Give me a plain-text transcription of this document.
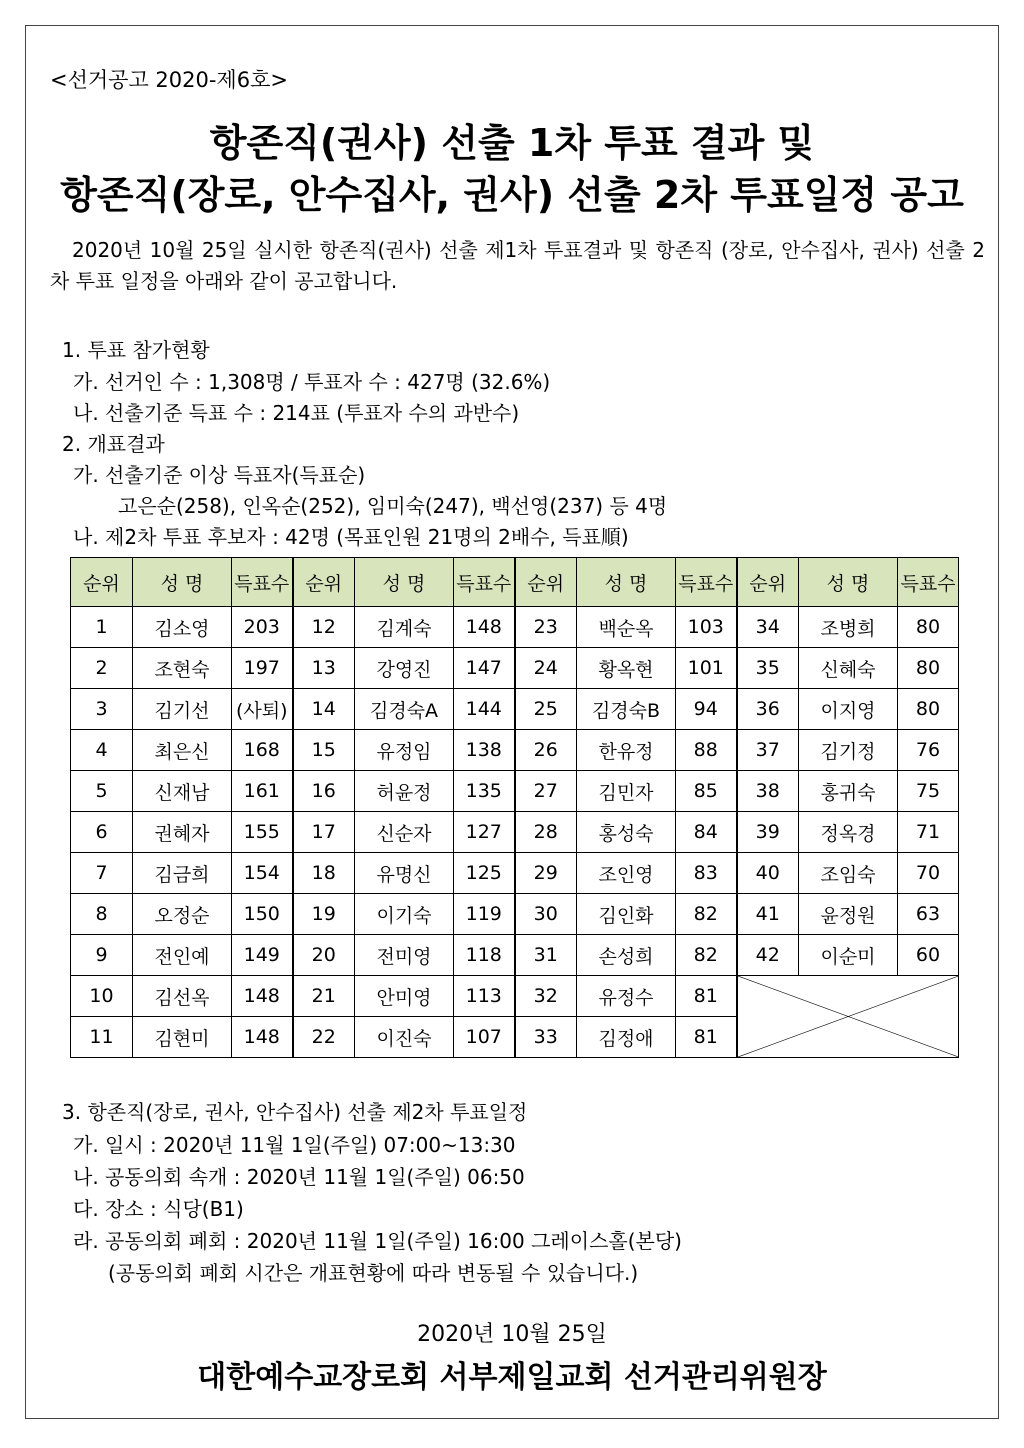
<선거공고 2020-제6호>
항존직(권사) 선출 1차 투표 결과 및
항존직(장로, 안수집사, 권사) 선출 2차 투표일정 공고
2020년 10월 25일 실시한 항존직(권사) 선출 제1차 투표결과 및 항존직 (장로, 안수집사, 권사) 선출 2차 투표 일정을 아래와 같이 공고합니다.
1. 투표 참가현황
가. 선거인 수 : 1,308명 / 투표자 수 : 427명 (32.6%)
나. 선출기준 득표 수 : 214표 (투표자 수의 과반수)
2. 개표결과
가. 선출기준 이상 득표자(득표순)
고은순(258), 인옥순(252), 임미숙(247), 백선영(237) 등 4명
나. 제2차 투표 후보자 : 42명 (목표인원 21명의 2배수, 득표順)
순위	성 명	득표수	순위	성 명	득표수	순위	성 명	득표수	순위	성 명	득표수
1	김소영	203	12	김계숙	148	23	백순옥	103	34	조병희	80
2	조현숙	197	13	강영진	147	24	황옥현	101	35	신혜숙	80
3	김기선	(사퇴)	14	김경숙A	144	25	김경숙B	94	36	이지영	80
4	최은신	168	15	유정임	138	26	한유정	88	37	김기정	76
5	신재남	161	16	허윤정	135	27	김민자	85	38	홍귀숙	75
6	권혜자	155	17	신순자	127	28	홍성숙	84	39	정옥경	71
7	김금희	154	18	유명신	125	29	조인영	83	40	조임숙	70
8	오정순	150	19	이기숙	119	30	김인화	82	41	윤정원	63
9	전인예	149	20	전미영	118	31	손성희	82	42	이순미	60
10	김선옥	148	21	안미영	113	32	유정수	81	

11	김현미	148	22	이진숙	107	33	김정애	81			
3. 항존직(장로, 권사, 안수집사) 선출 제2차 투표일정
가. 일시 : 2020년 11월 1일(주일) 07:00~13:30
나. 공동의회 속개 : 2020년 11월 1일(주일) 06:50
다. 장소 : 식당(B1)
라. 공동의회 폐회 : 2020년 11월 1일(주일) 16:00 그레이스홀(본당)
(공동의회 폐회 시간은 개표현황에 따라 변동될 수 있습니다.)
2020년 10월 25일
대한예수교장로회 서부제일교회 선거관리위원장
